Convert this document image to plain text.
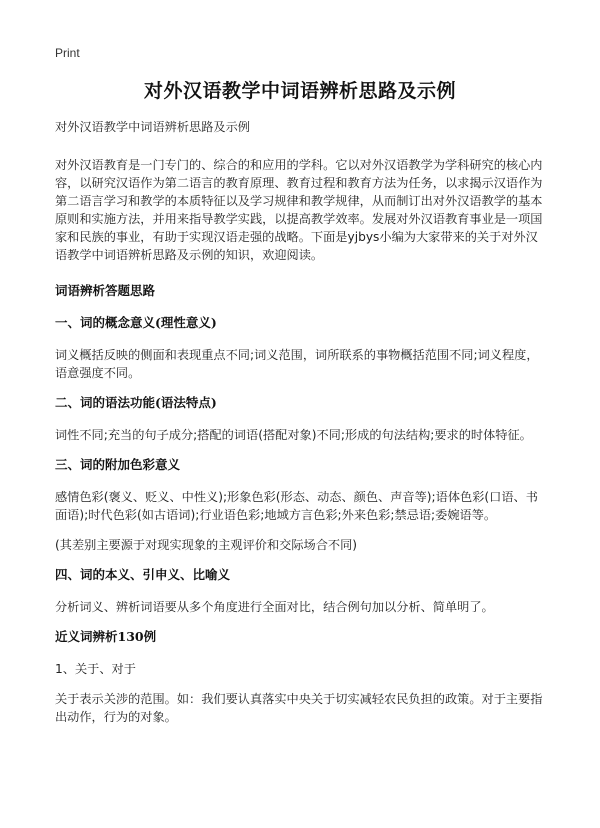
Print
对外汉语教学中词语辨析思路及示例

对外汉语教学中词语辨析思路及示例

对外汉语教育是一门专门的、综合的和应用的学科。它以对外汉语教学为学科研究的核心内容，以研究汉语作为第二语言的教育原理、教育过程和教育方法为任务，以求揭示汉语作为第二语言学习和教学的本质特征以及学习规律和教学规律，从而制订出对外汉语教学的基本原则和实施方法，并用来指导教学实践，以提高教学效率。发展对外汉语教育事业是一项国家和民族的事业，有助于实现汉语走强的战略。下面是yjbys小编为大家带来的关于对外汉语教学中词语辨析思路及示例的知识，欢迎阅读。

词语辨析答题思路

一、词的概念意义(理性意义)

词义概括反映的侧面和表现重点不同;词义范围，词所联系的事物概括范围不同;词义程度，语意强度不同。

二、词的语法功能(语法特点)

词性不同;充当的句子成分;搭配的词语(搭配对象)不同;形成的句法结构;要求的时体特征。

三、词的附加色彩意义

感情色彩(褒义、贬义、中性义);形象色彩(形态、动态、颜色、声音等);语体色彩(口语、书面语);时代色彩(如古语词);行业语色彩;地域方言色彩;外来色彩;禁忌语;委婉语等。

(其差别主要源于对现实现象的主观评价和交际场合不同)

四、词的本义、引申义、比喻义

分析词义、辨析词语要从多个角度进行全面对比，结合例句加以分析、简单明了。

近义词辨析130例

1、关于、对于

关于表示关涉的范围。如：我们要认真落实中央关于切实减轻农民负担的政策。对于主要指出动作，行为的对象。
